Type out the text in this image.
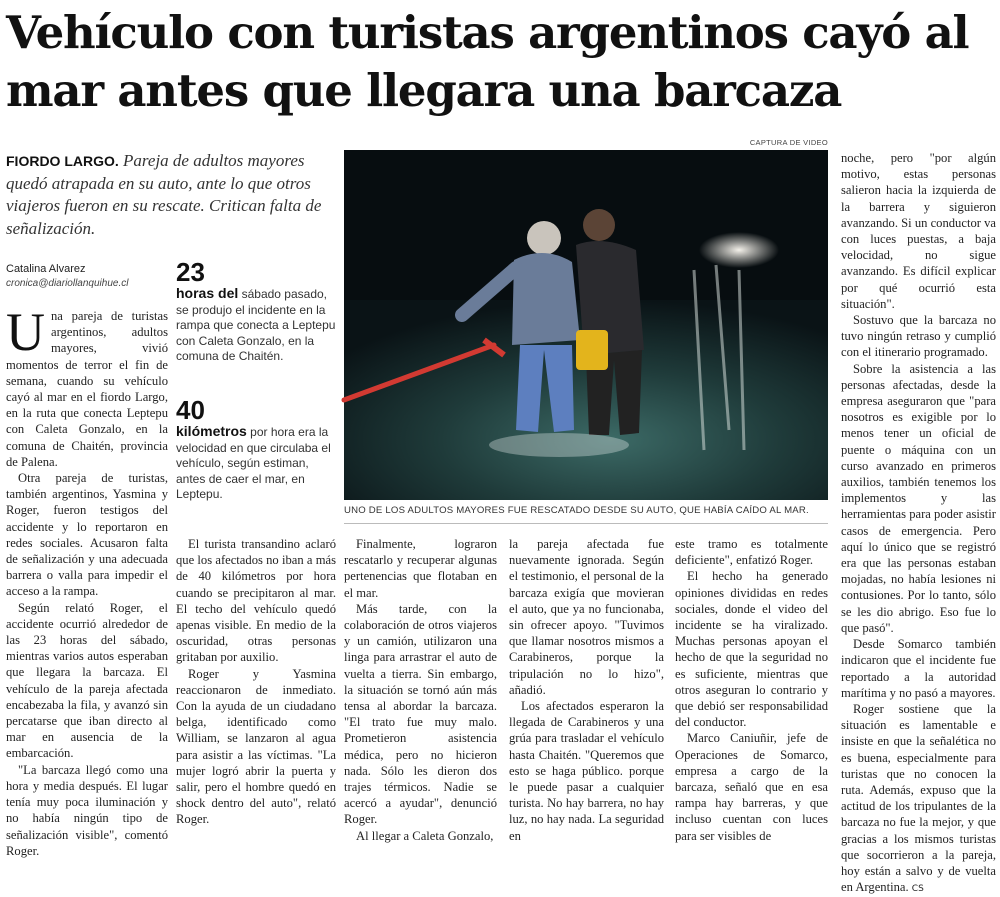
Vehículo con turistas argentinos cayó al mar antes que llegara una barcaza
FIORDO LARGO. Pareja de adultos mayores quedó atrapada en su auto, ante lo que otros viajeros fueron en su rescate. Critican falta de señalización.
Catalina Alvarez
cronica@diariollanquihue.cl	23
horas del sábado pasado, se produjo el incidente en la rampa que conecta a Leptepu con Caleta Gonzalo, en la comuna de Chaitén.
40
kilómetros por hora era la velocidad en que circulaba el vehículo, según estiman, antes de caer el mar, en Leptepu.
CAPTURA DE VIDEO
UNO DE LOS ADULTOS MAYORES FUE RESCATADO DESDE SU AUTO, QUE HABÍA CAÍDO AL MAR.
U na pareja de turistas argentinos, adultos mayores, vivió momentos de terror el fin de semana, cuando su vehículo cayó al mar en el fiordo Largo, en la ruta que conecta Leptepu con Caleta Gonzalo, en la comuna de Chaitén, provincia de Palena.

Otra pareja de turistas, también argentinos, Yasmina y Roger, fueron testigos del accidente y lo reportaron en redes sociales. Acusaron falta de señalización y una adecuada barrera o valla para impedir el acceso a la rampa.

Según relató Roger, el accidente ocurrió alrededor de las 23 horas del sábado, mientras varios autos esperaban que llegara la barcaza. El vehículo de la pareja afectada encabezaba la fila, y avanzó sin percatarse que iban directo al mar en ausencia de la embarcación.

"La barcaza llegó como una hora y media después. El lugar tenía muy poca iluminación y no había ningún tipo de señalización visible", comentó Roger.

El turista transandino aclaró que los afectados no iban a más de 40 kilómetros por hora cuando se precipitaron al mar. El techo del vehículo quedó apenas visible. En medio de la oscuridad, otras personas gritaban por auxilio.

Roger y Yasmina reaccionaron de inmediato. Con la ayuda de un ciudadano belga, identificado como William, se lanzaron al agua para asistir a las víctimas. "La mujer logró abrir la puerta y salir, pero el hombre quedó en shock dentro del auto", relató Roger.

Finalmente, lograron rescatarlo y recuperar algunas pertenencias que flotaban en el mar.

Más tarde, con la colaboración de otros viajeros y un camión, utilizaron una linga para arrastrar el auto de vuelta a tierra. Sin embargo, la situación se tornó aún más tensa al abordar la barcaza. "El trato fue muy malo. Prometieron asistencia médica, pero no hicieron nada. Sólo les dieron dos trajes térmicos. Nadie se acercó a ayudar", denunció Roger.

Al llegar a Caleta Gonzalo,

la pareja afectada fue nuevamente ignorada. Según el testimonio, el personal de la barcaza exigía que movieran el auto, que ya no funcionaba, sin ofrecer apoyo. "Tuvimos que llamar nosotros mismos a Carabineros, porque la tripulación no lo hizo", añadió.

Los afectados esperaron la llegada de Carabineros y una grúa para trasladar el vehículo hasta Chaitén. "Queremos que esto se haga público. porque le puede pasar a cualquier turista. No hay barrera, no hay luz, no hay nada. La seguridad en

este tramo es totalmente deficiente", enfatizó Roger.

El hecho ha generado opiniones divididas en redes sociales, donde el video del incidente se ha viralizado. Muchas personas apoyan el hecho de que la seguridad no es suficiente, mientras que otros aseguran lo contrario y que debió ser responsabilidad del conductor.

Marco Caniuñir, jefe de Operaciones de Somarco, empresa a cargo de la barcaza, señaló que en esa rampa hay barreras, y que incluso cuentan con luces para ser visibles de

noche, pero "por algún motivo, estas personas salieron hacia la izquierda de la barrera y siguieron avanzando. Si un conductor va con luces puestas, a baja velocidad, no sigue avanzando. Es difícil explicar por qué ocurrió esta situación".

Sostuvo que la barcaza no tuvo ningún retraso y cumplió con el itinerario programado.

Sobre la asistencia a las personas afectadas, desde la empresa aseguraron que "para nosotros es exigible por lo menos tener un oficial de puente o máquina con un curso avanzado en primeros auxilios, también tenemos los implementos y las herramientas para poder asistir casos de emergencia. Pero aquí lo único que se registró era que las personas estaban mojadas, no había lesiones ni contusiones. Por lo tanto, sólo se les dio abrigo. Eso fue lo que pasó".

Desde Somarco también indicaron que el incidente fue reportado a la autoridad marítima y no pasó a mayores.

Roger sostiene que la situación es lamentable e insiste en que la señalética no es buena, especialmente para turistas que no conocen la ruta. Además, expuso que la actitud de los tripulantes de la barcaza no fue la mejor, y que gracias a los mismos turistas que socorrieron a la pareja, hoy están a salvo y de vuelta en Argentina. CS
